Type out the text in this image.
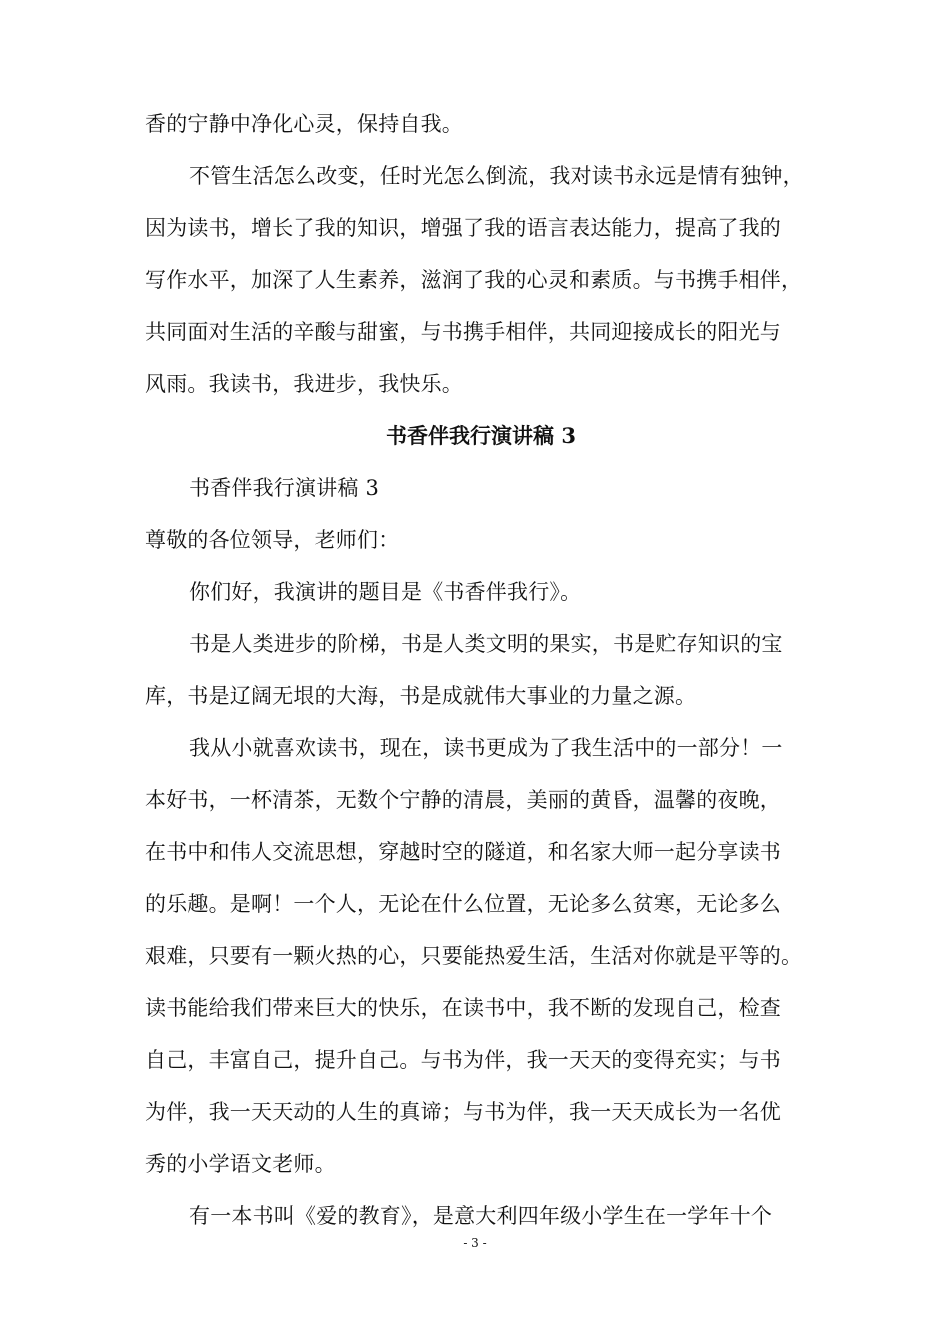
香的宁静中净化心灵，保持自我。
不管生活怎么改变，任时光怎么倒流，我对读书永远是情有独钟，
因为读书，增长了我的知识，增强了我的语言表达能力，提高了我的
写作水平，加深了人生素养，滋润了我的心灵和素质。与书携手相伴，
共同面对生活的辛酸与甜蜜，与书携手相伴，共同迎接成长的阳光与
风雨。我读书，我进步，我快乐。
书香伴我行演讲稿 3
书香伴我行演讲稿 3
尊敬的各位领导，老师们：
你们好，我演讲的题目是《书香伴我行》。
书是人类进步的阶梯，书是人类文明的果实，书是贮存知识的宝
库，书是辽阔无垠的大海，书是成就伟大事业的力量之源。
我从小就喜欢读书，现在，读书更成为了我生活中的一部分！一
本好书，一杯清茶，无数个宁静的清晨，美丽的黄昏，温馨的夜晚，
在书中和伟人交流思想，穿越时空的隧道，和名家大师一起分享读书
的乐趣。是啊！一个人，无论在什么位置，无论多么贫寒，无论多么
艰难，只要有一颗火热的心，只要能热爱生活，生活对你就是平等的。
读书能给我们带来巨大的快乐，在读书中，我不断的发现自己，检查
自己，丰富自己，提升自己。与书为伴，我一天天的变得充实；与书
为伴，我一天天动的人生的真谛；与书为伴，我一天天成长为一名优
秀的小学语文老师。
有一本书叫《爱的教育》，是意大利四年级小学生在一学年十个
- 3 -
